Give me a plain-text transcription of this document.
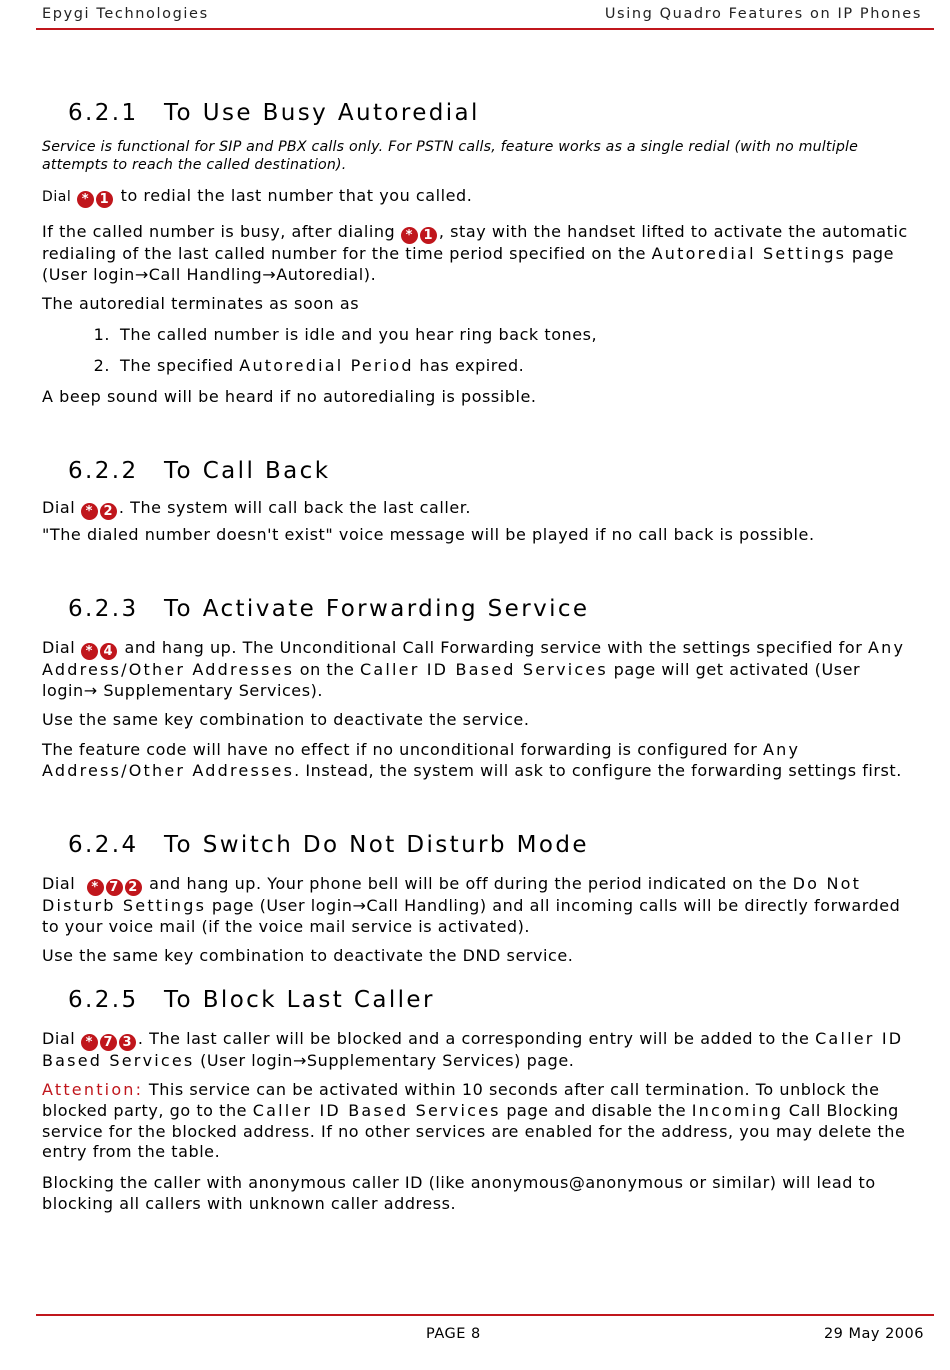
Epygi Technologies	Using Quadro Features on IP Phones
6.2.1 To Use Busy Autoredial

Service is functional for SIP and PBX calls only. For PSTN calls, feature works as a single redial (with no multiple attempts to reach the called destination).

Dial * 1 to redial the last number that you called.

If the called number is busy, after dialing * 1 , stay with the handset lifted to activate the automatic redialing of the last called number for the time period specified on the Autoredial Settings page (User login→Call Handling→Autoredial).

The autoredial terminates as soon as

1. The called number is idle and you hear ring back tones,
2. The specified Autoredial Period has expired.

A beep sound will be heard if no autoredialing is possible.

6.2.2 To Call Back

Dial * 2 . The system will call back the last caller.

"The dialed number doesn't exist" voice message will be played if no call back is possible.

6.2.3 To Activate Forwarding Service

Dial * 4 and hang up. The Unconditional Call Forwarding service with the settings specified for Any Address/Other Addresses on the Caller ID Based Services page will get activated (User login→ Supplementary Services).

Use the same key combination to deactivate the service.

The feature code will have no effect if no unconditional forwarding is configured for Any Address/Other Addresses. Instead, the system will ask to configure the forwarding settings first.

6.2.4 To Switch Do Not Disturb Mode

Dial * 7 2 and hang up. Your phone bell will be off during the period indicated on the Do Not Disturb Settings page (User login→Call Handling) and all incoming calls will be directly forwarded to your voice mail (if the voice mail service is activated).

Use the same key combination to deactivate the DND service.

6.2.5 To Block Last Caller

Dial * 7 3 . The last caller will be blocked and a corresponding entry will be added to the Caller ID Based Services (User login→Supplementary Services) page.

Attention: This service can be activated within 10 seconds after call termination. To unblock the blocked party, go to the Caller ID Based Services page and disable the Incoming Call Blocking service for the blocked address. If no other services are enabled for the address, you may delete the entry from the table.

Blocking the caller with anonymous caller ID (like anonymous@anonymous or similar) will lead to blocking all callers with unknown caller address.

PAGE 8	29 May 2006
